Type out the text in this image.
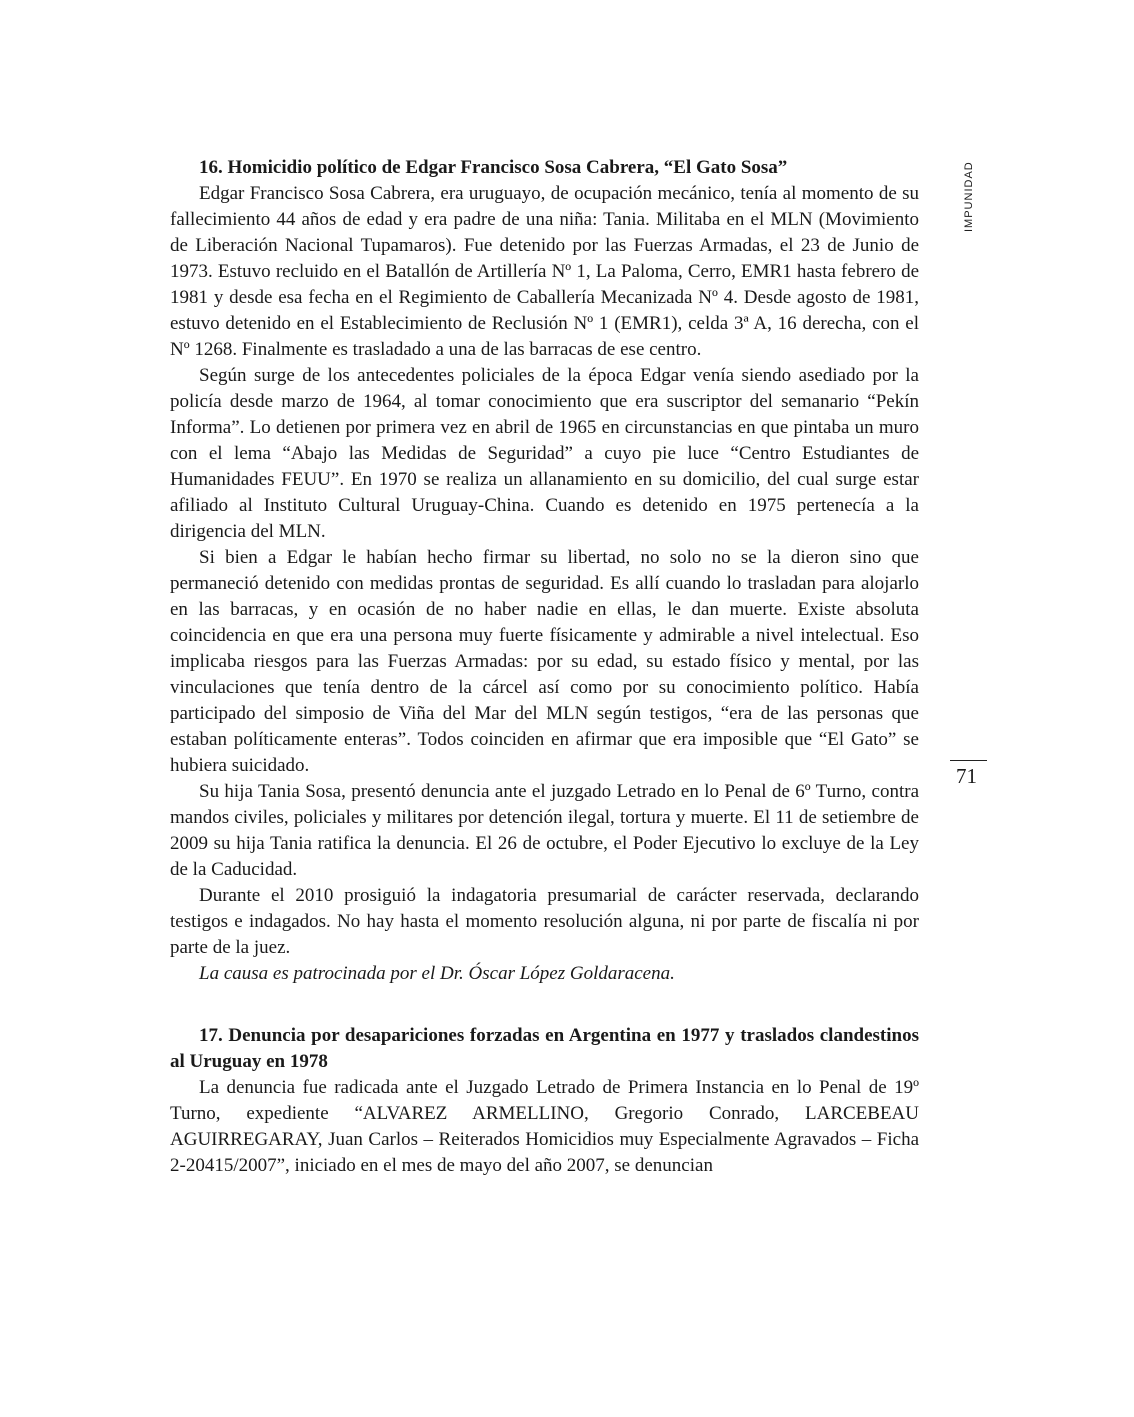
IMPUNIDAD
71

16. Homicidio político de Edgar Francisco Sosa Cabrera, “El Gato Sosa”

Edgar Francisco Sosa Cabrera, era uruguayo, de ocupación mecánico, tenía al momento de su fallecimiento 44 años de edad y era padre de una niña: Tania. Militaba en el MLN (Movimiento de Liberación Nacional Tupamaros). Fue detenido por las Fuerzas Armadas, el 23 de Junio de 1973. Estuvo recluido en el Batallón de Artillería Nº 1, La Paloma, Cerro, EMR1 hasta febrero de 1981 y desde esa fecha en el Regimiento de Caballería Mecanizada Nº 4. Desde agosto de 1981, estuvo detenido en el Establecimiento de Reclusión Nº 1 (EMR1), celda 3ª A, 16 derecha, con el Nº 1268. Finalmente es trasladado a una de las barracas de ese centro.

Según surge de los antecedentes policiales de la época Edgar venía siendo asediado por la policía desde marzo de 1964, al tomar conocimiento que era suscriptor del semanario “Pekín Informa”. Lo detienen por primera vez en abril de 1965 en circunstancias en que pintaba un muro con el lema “Abajo las Medidas de Seguridad” a cuyo pie luce “Centro Estudiantes de Humanidades FEUU”. En 1970 se realiza un allanamiento en su domicilio, del cual surge estar afiliado al Instituto Cultural Uruguay-China. Cuando es detenido en 1975 pertenecía a la dirigencia del MLN.

Si bien a Edgar le habían hecho firmar su libertad, no solo no se la dieron sino que permaneció detenido con medidas prontas de seguridad. Es allí cuando lo trasladan para alojarlo en las barracas, y en ocasión de no haber nadie en ellas, le dan muerte. Existe absoluta coincidencia en que era una persona muy fuerte físicamente y admirable a nivel intelectual. Eso implicaba riesgos para las Fuerzas Armadas: por su edad, su estado físico y mental, por las vinculaciones que tenía dentro de la cárcel así como por su conocimiento político. Había participado del simposio de Viña del Mar del MLN según testigos, “era de las personas que estaban políticamente enteras”. Todos coinciden en afirmar que era imposible que “El Gato” se hubiera suicidado.

Su hija Tania Sosa, presentó denuncia ante el juzgado Letrado en lo Penal de 6º Turno, contra mandos civiles, policiales y militares por detención ilegal, tortura y muerte. El 11 de setiembre de 2009 su hija Tania ratifica la denuncia. El 26 de octubre, el Poder Ejecutivo lo excluye de la Ley de la Caducidad.

Durante el 2010 prosiguió la indagatoria presumarial de carácter reservada, declarando testigos e indagados. No hay hasta el momento resolución alguna, ni por parte de fiscalía ni por parte de la juez.

La causa es patrocinada por el Dr. Óscar López Goldaracena.

17. Denuncia por desapariciones forzadas en Argentina en 1977 y traslados clandestinos al Uruguay en 1978

La denuncia fue radicada ante el Juzgado Letrado de Primera Instancia en lo Penal de 19º Turno, expediente “ALVAREZ ARMELLINO, Gregorio Conrado, LARCEBEAU AGUIRREGARAY, Juan Carlos – Reiterados Homicidios muy Especialmente Agravados – Ficha 2-20415/2007”, iniciado en el mes de mayo del año 2007, se denuncian
